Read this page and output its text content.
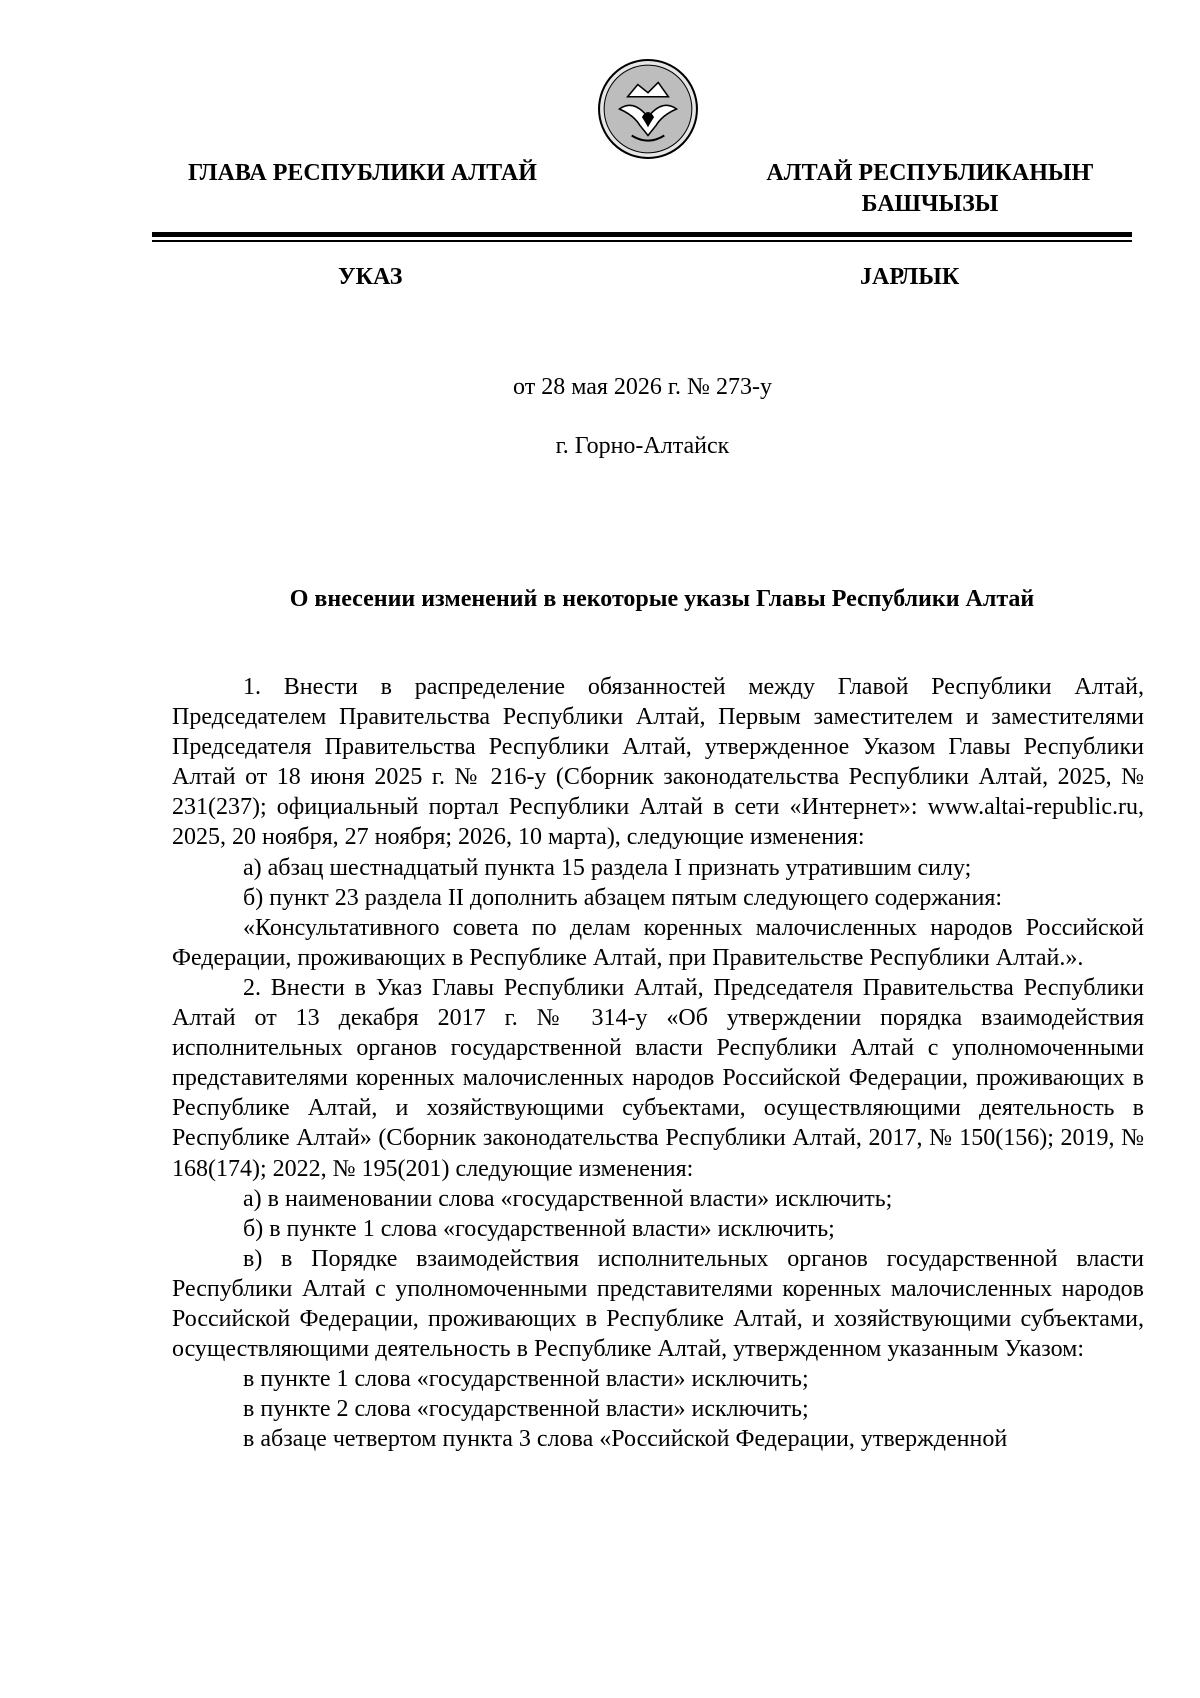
ГЛАВА РЕСПУБЛИКИ АЛТАЙ	АЛТАЙ РЕСПУБЛИКАНЫҤ
БАШЧЫЗЫ
УКАЗ	ЈАРЛЫК
от 28 мая 2026 г. № 273-у
г. Горно-Алтайск
О внесении изменений в некоторые указы Главы Республики Алтай

1. Внести в распределение обязанностей между Главой Республики Алтай, Председателем Правительства Республики Алтай, Первым заместителем и заместителями Председателя Правительства Республики Алтай, утвержденное Указом Главы Республики Алтай от 18 июня 2025 г. № 216-у (Сборник законодательства Республики Алтай, 2025, № 231(237); официальный портал Республики Алтай в сети «Интернет»: www.altai-republic.ru, 2025, 20 ноября, 27 ноября; 2026, 10 марта), следующие изменения:

а) абзац шестнадцатый пункта 15 раздела I признать утратившим силу;

б) пункт 23 раздела II дополнить абзацем пятым следующего содержания:

«Консультативного совета по делам коренных малочисленных народов Российской Федерации, проживающих в Республике Алтай, при Правительстве Республики Алтай.».

2. Внести в Указ Главы Республики Алтай, Председателя Правительства Республики Алтай от 13 декабря 2017 г. № 314-у «Об утверждении порядка взаимодействия исполнительных органов государственной власти Республики Алтай с уполномоченными представителями коренных малочисленных народов Российской Федерации, проживающих в Республике Алтай, и хозяйствующими субъектами, осуществляющими деятельность в Республике Алтай» (Сборник законодательства Республики Алтай, 2017, № 150(156); 2019, № 168(174); 2022, № 195(201) следующие изменения:

а) в наименовании слова «государственной власти» исключить;

б) в пункте 1 слова «государственной власти» исключить;

в) в Порядке взаимодействия исполнительных органов государственной власти Республики Алтай с уполномоченными представителями коренных малочисленных народов Российской Федерации, проживающих в Республике Алтай, и хозяйствующими субъектами, осуществляющими деятельность в Республике Алтай, утвержденном указанным Указом:

в пункте 1 слова «государственной власти» исключить;

в пункте 2 слова «государственной власти» исключить;

в абзаце четвертом пункта 3 слова «Российской Федерации, утвержденной
